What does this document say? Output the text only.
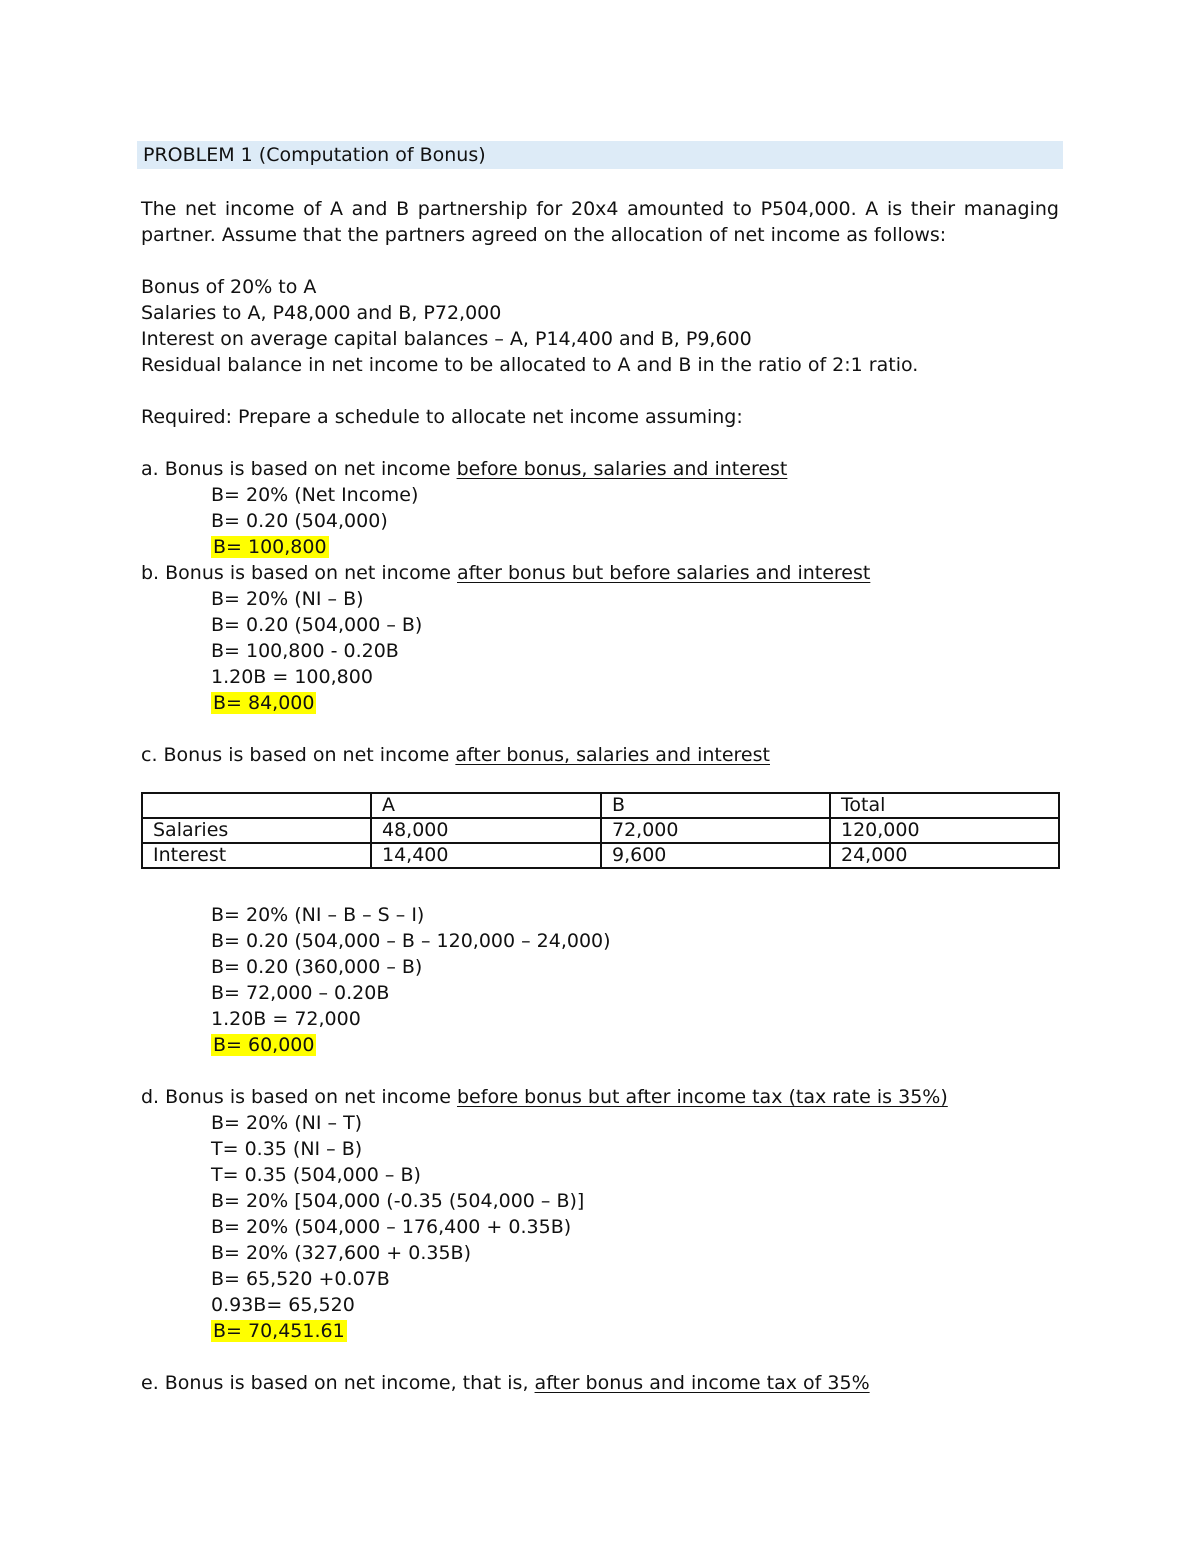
PROBLEM 1 (Computation of Bonus)
The net income of A and B partnership for 20x4 amounted to P504,000. A is their managing partner. Assume that the partners agreed on the allocation of net income as follows:
Bonus of 20% to A
Salaries to A, P48,000 and B, P72,000
Interest on average capital balances – A, P14,400 and B, P9,600
Residual balance in net income to be allocated to A and B in the ratio of 2:1 ratio.
Required: Prepare a schedule to allocate net income assuming:
a. Bonus is based on net income before bonus, salaries and interest
B= 20% (Net Income)
B= 0.20 (504,000)
B= 100,800
b. Bonus is based on net income after bonus but before salaries and interest
B= 20% (NI – B)
B= 0.20 (504,000 – B)
B= 100,800 - 0.20B
1.20B = 100,800
B= 84,000
c. Bonus is based on net income after bonus, salaries and interest
	A	B	Total
Salaries	48,000	72,000	120,000
Interest	14,400	9,600	24,000
B= 20% (NI – B – S – I)
B= 0.20 (504,000 – B – 120,000 – 24,000)
B= 0.20 (360,000 – B)
B= 72,000 – 0.20B
1.20B = 72,000
B= 60,000
d. Bonus is based on net income before bonus but after income tax (tax rate is 35%)
B= 20% (NI – T)
T= 0.35 (NI – B)
T= 0.35 (504,000 – B)
B= 20% [504,000 (-0.35 (504,000 – B)]
B= 20% (504,000 – 176,400 + 0.35B)
B= 20% (327,600 + 0.35B)
B= 65,520 +0.07B
0.93B= 65,520
B= 70,451.61
e. Bonus is based on net income, that is, after bonus and income tax of 35%
